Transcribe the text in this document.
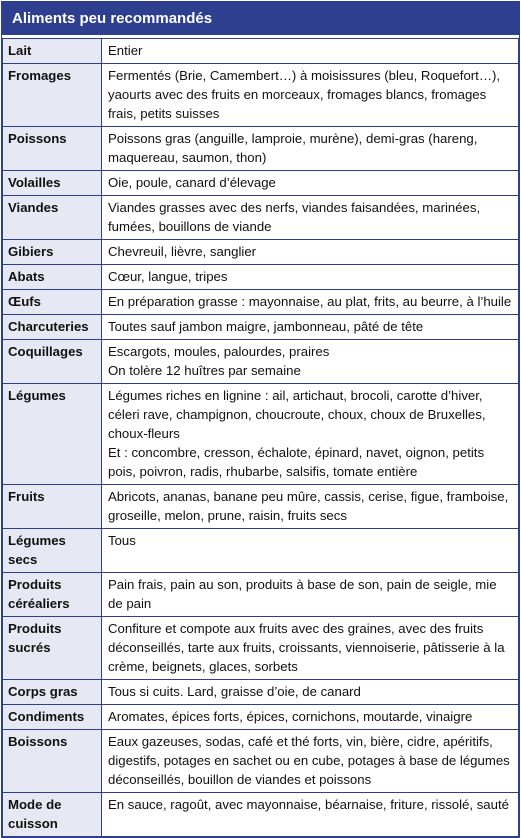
Aliments peu recommandés
Lait	Entier

Fromages	Fermentés (Brie, Camembert…) à moisissures (bleu, Roquefort…), yaourts avec des fruits en morceaux, fromages blancs, fromages frais, petits suisses

Poissons	Poissons gras (anguille, lamproie, murène), demi-gras (hareng, maquereau, saumon, thon)

Volailles	Oie, poule, canard d’élevage

Viandes	Viandes grasses avec des nerfs, viandes faisandées, marinées, fumées, bouillons de viande

Gibiers	Chevreuil, lièvre, sanglier

Abats	Cœur, langue, tripes

Œufs	En préparation grasse : mayonnaise, au plat, frits, au beurre, à l’huile

Charcuteries	Toutes sauf jambon maigre, jambonneau, pâté de tête

Coquillages	Escargots, moules, palourdes, praires
On tolère 12 huîtres par semaine

Légumes	Légumes riches en lignine : ail, artichaut, brocoli, carotte d’hiver, céleri rave, champignon, choucroute, choux, choux de Bruxelles, choux-fleurs
Et : concombre, cresson, échalote, épinard, navet, oignon, petits pois, poivron, radis, rhubarbe, salsifis, tomate entière

Fruits	Abricots, ananas, banane peu mûre, cassis, cerise, figue, framboise, groseille, melon, prune, raisin, fruits secs

Légumes secs	Tous

Produits céréaliers	Pain frais, pain au son, produits à base de son, pain de seigle, mie de pain

Produits sucrés	Confiture et compote aux fruits avec des graines, avec des fruits déconseillés, tarte aux fruits, croissants, viennoiserie, pâtisserie à la crème, beignets, glaces, sorbets

Corps gras	Tous si cuits. Lard, graisse d’oie, de canard

Condiments	Aromates, épices forts, épices, cornichons, moutarde, vinaigre

Boissons	Eaux gazeuses, sodas, café et thé forts, vin, bière, cidre, apéritifs, digestifs, potages en sachet ou en cube, potages à base de légumes déconseillés, bouillon de viandes et poissons

Mode de cuisson	En sauce, ragoût, avec mayonnaise, béarnaise, friture, rissolé, sauté
